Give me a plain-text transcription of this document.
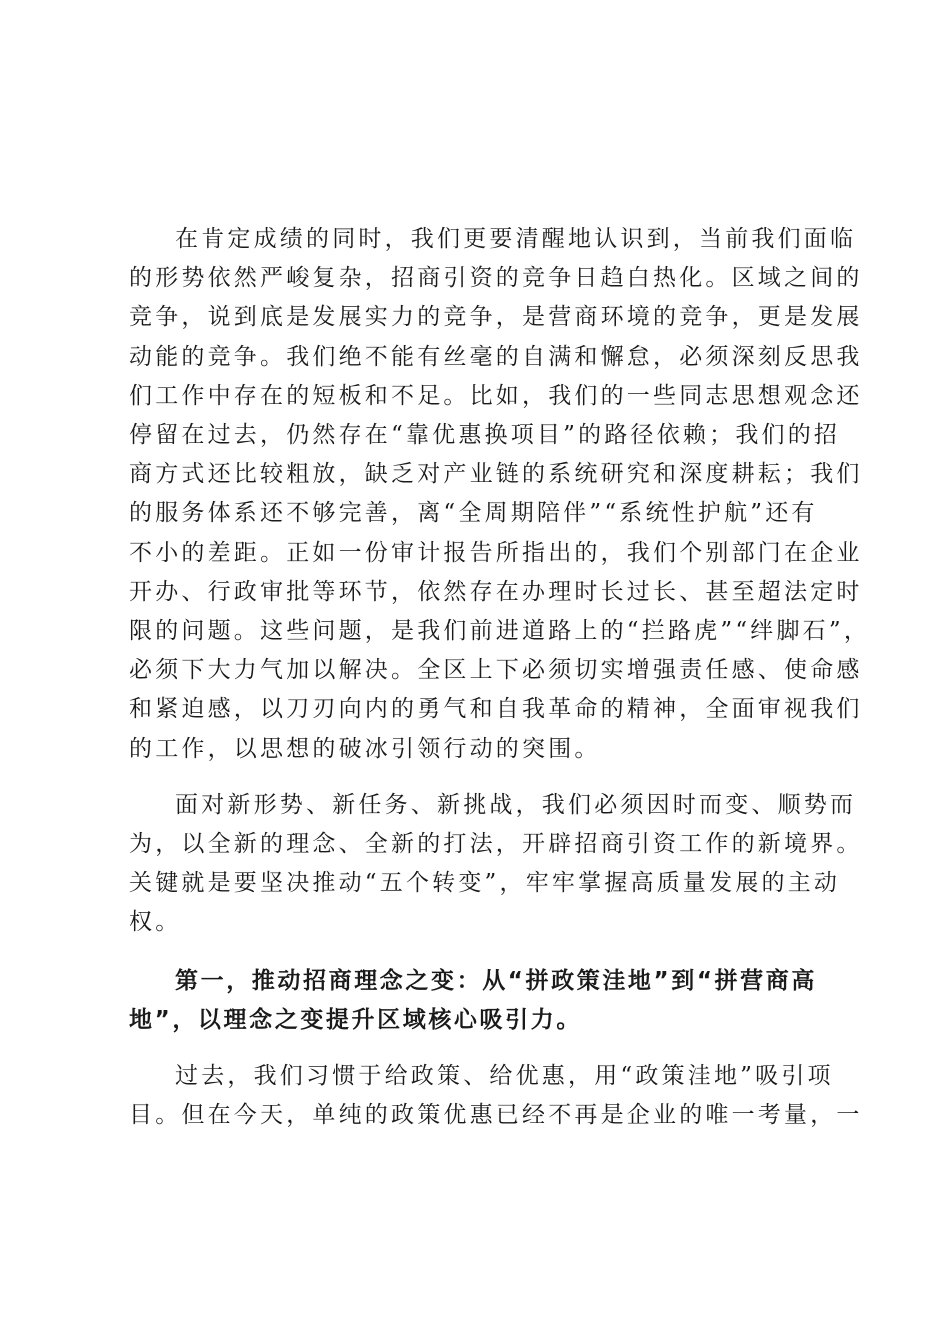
在肯定成绩的同时，我们更要清醒地认识到，当前我们面临
的形势依然严峻复杂，招商引资的竞争日趋白热化。区域之间的
竞争，说到底是发展实力的竞争，是营商环境的竞争，更是发展
动能的竞争。我们绝不能有丝毫的自满和懈怠，必须深刻反思我
们工作中存在的短板和不足。比如，我们的一些同志思想观念还
停留在过去，仍然存在“靠优惠换项目”的路径依赖；我们的招
商方式还比较粗放，缺乏对产业链的系统研究和深度耕耘；我们
的服务体系还不够完善，离“全周期陪伴”“系统性护航”还有
不小的差距。正如一份审计报告所指出的，我们个别部门在企业
开办、行政审批等环节，依然存在办理时长过长、甚至超法定时
限的问题。这些问题，是我们前进道路上的“拦路虎”“绊脚石”，
必须下大力气加以解决。全区上下必须切实增强责任感、使命感
和紧迫感，以刀刃向内的勇气和自我革命的精神，全面审视我们
的工作，以思想的破冰引领行动的突围。

面对新形势、新任务、新挑战，我们必须因时而变、顺势而
为，以全新的理念、全新的打法，开辟招商引资工作的新境界。
关键就是要坚决推动“五个转变”，牢牢掌握高质量发展的主动
权。

第一，推动招商理念之变：从“拼政策洼地”到“拼营商高
地”，以理念之变提升区域核心吸引力。

过去，我们习惯于给政策、给优惠，用“政策洼地”吸引项
目。但在今天，单纯的政策优惠已经不再是企业的唯一考量，一
